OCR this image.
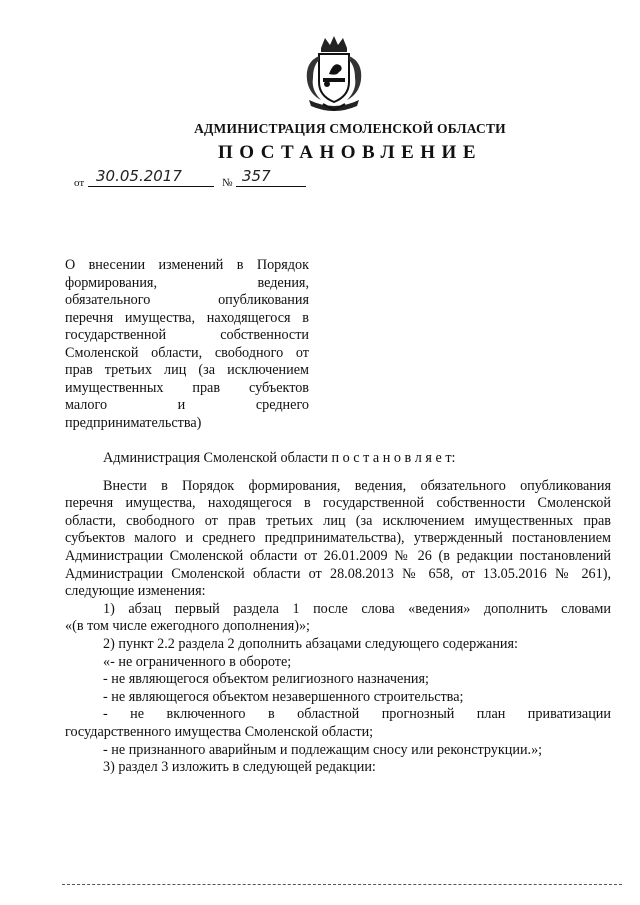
АДМИНИСТРАЦИЯ СМОЛЕНСКОЙ ОБЛАСТИ
ПОСТАНОВЛЕНИЕ
от 30.05.2017	№ 357
О внесении изменений в Порядок
формирования, ведения,
обязательного опубликования
перечня имущества, находящегося в
государственной собственности
Смоленской области, свободного от
прав третьих лиц (за исключением
имущественных прав субъектов
малого и среднего
предпринимательства)
Администрация Смоленской области п о с т а н о в л я е т:
Внести в Порядок формирования, ведения, обязательного опубликования
перечня имущества, находящегося в государственной собственности Смоленской
области, свободного от прав третьих лиц (за исключением имущественных прав
субъектов малого и среднего предпринимательства), утвержденный постановлением
Администрации Смоленской области от 26.01.2009 № 26 (в редакции постановлений
Администрации Смоленской области от 28.08.2013 № 658, от 13.05.2016 № 261),
следующие изменения:
1) абзац первый раздела 1 после слова «ведения» дополнить словами
«(в том числе ежегодного дополнения)»;
2) пункт 2.2 раздела 2 дополнить абзацами следующего содержания:
«- не ограниченного в обороте;
- не являющегося объектом религиозного назначения;
- не являющегося объектом незавершенного строительства;
- не включенного в областной прогнозный план приватизации
государственного имущества Смоленской области;
- не признанного аварийным и подлежащим сносу или реконструкции.»;
3) раздел 3 изложить в следующей редакции:
